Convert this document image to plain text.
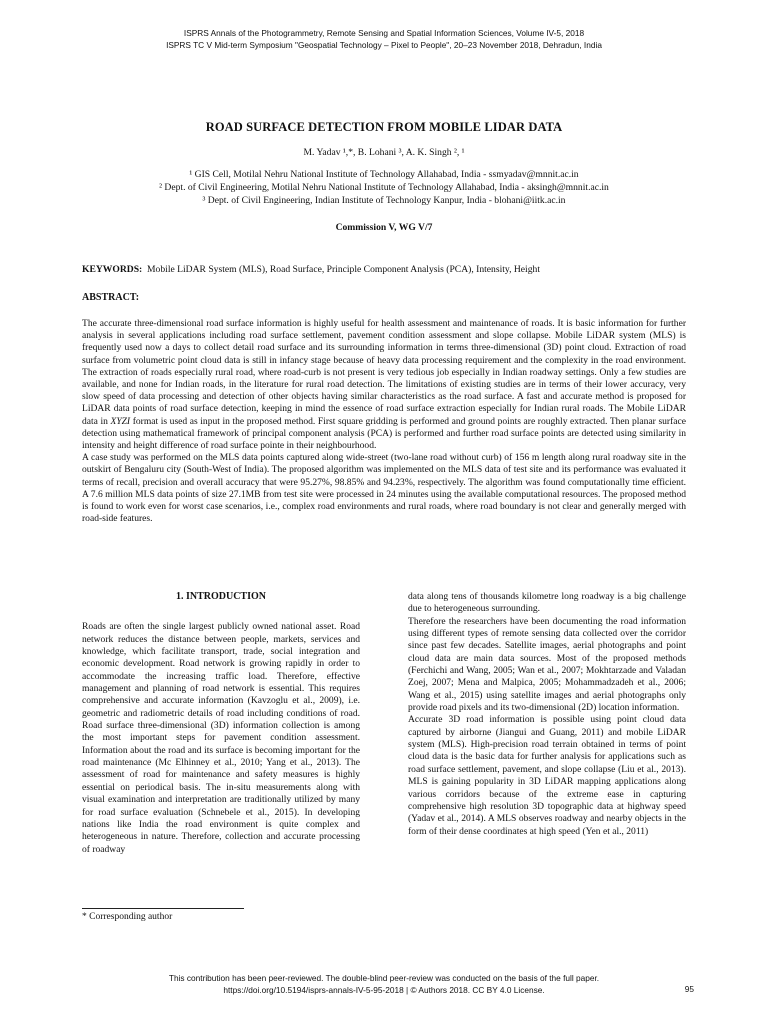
ISPRS Annals of the Photogrammetry, Remote Sensing and Spatial Information Sciences, Volume IV-5, 2018
ISPRS TC V Mid-term Symposium "Geospatial Technology – Pixel to People", 20–23 November 2018, Dehradun, India
ROAD SURFACE DETECTION FROM MOBILE LIDAR DATA
M. Yadav ¹,*, B. Lohani ³, A. K. Singh ², ¹
¹ GIS Cell, Motilal Nehru National Institute of Technology Allahabad, India - ssmyadav@mnnit.ac.in
² Dept. of Civil Engineering, Motilal Nehru National Institute of Technology Allahabad, India - aksingh@mnnit.ac.in
³ Dept. of Civil Engineering, Indian Institute of Technology Kanpur, India - blohani@iitk.ac.in
Commission V, WG V/7
KEYWORDS: Mobile LiDAR System (MLS), Road Surface, Principle Component Analysis (PCA), Intensity, Height
ABSTRACT:

The accurate three-dimensional road surface information is highly useful for health assessment and maintenance of roads. It is basic information for further analysis in several applications including road surface settlement, pavement condition assessment and slope collapse. Mobile LiDAR system (MLS) is frequently used now a days to collect detail road surface and its surrounding information in terms three-dimensional (3D) point cloud. Extraction of road surface from volumetric point cloud data is still in infancy stage because of heavy data processing requirement and the complexity in the road environment. The extraction of roads especially rural road, where road-curb is not present is very tedious job especially in Indian roadway settings. Only a few studies are available, and none for Indian roads, in the literature for rural road detection. The limitations of existing studies are in terms of their lower accuracy, very slow speed of data processing and detection of other objects having similar characteristics as the road surface. A fast and accurate method is proposed for LiDAR data points of road surface detection, keeping in mind the essence of road surface extraction especially for Indian rural roads. The Mobile LiDAR data in XYZI format is used as input in the proposed method. First square gridding is performed and ground points are roughly extracted. Then planar surface detection using mathematical framework of principal component analysis (PCA) is performed and further road surface points are detected using similarity in intensity and height difference of road surface pointe in their neighbourhood.

A case study was performed on the MLS data points captured along wide-street (two-lane road without curb) of 156 m length along rural roadway site in the outskirt of Bengaluru city (South-West of India). The proposed algorithm was implemented on the MLS data of test site and its performance was evaluated it terms of recall, precision and overall accuracy that were 95.27%, 98.85% and 94.23%, respectively. The algorithm was found computationally time efficient. A 7.6 million MLS data points of size 27.1MB from test site were processed in 24 minutes using the available computational resources. The proposed method is found to work even for worst case scenarios, i.e., complex road environments and rural roads, where road boundary is not clear and generally merged with road-side features.

1. INTRODUCTION

Roads are often the single largest publicly owned national asset. Road network reduces the distance between people, markets, services and knowledge, which facilitate transport, trade, social integration and economic development. Road network is growing rapidly in order to accommodate the increasing traffic load. Therefore, effective management and planning of road network is essential. This requires comprehensive and accurate information (Kavzoglu et al., 2009), i.e. geometric and radiometric details of road including conditions of road. Road surface three-dimensional (3D) information collection is among the most important steps for pavement condition assessment. Information about the road and its surface is becoming important for the road maintenance (Mc Elhinney et al., 2010; Yang et al., 2013). The assessment of road for maintenance and safety measures is highly essential on periodical basis. The in-situ measurements along with visual examination and interpretation are traditionally utilized by many for road surface evaluation (Schnebele et al., 2015). In developing nations like India the road environment is quite complex and heterogeneous in nature. Therefore, collection and accurate processing of roadway

data along tens of thousands kilometre long roadway is a big challenge due to heterogeneous surrounding.

Therefore the researchers have been documenting the road information using different types of remote sensing data collected over the corridor since past few decades. Satellite images, aerial photographs and point cloud data are main data sources. Most of the proposed methods (Ferchichi and Wang, 2005; Wan et al., 2007; Mokhtarzade and Valadan Zoej, 2007; Mena and Malpica, 2005; Mohammadzadeh et al., 2006; Wang et al., 2015) using satellite images and aerial photographs only provide road pixels and its two-dimensional (2D) location information.

Accurate 3D road information is possible using point cloud data captured by airborne (Jiangui and Guang, 2011) and mobile LiDAR system (MLS). High-precision road terrain obtained in terms of point cloud data is the basic data for further analysis for applications such as road surface settlement, pavement, and slope collapse (Liu et al., 2013). MLS is gaining popularity in 3D LiDAR mapping applications along various corridors because of the extreme ease in capturing comprehensive high resolution 3D topographic data at highway speed (Yadav et al., 2014). A MLS observes roadway and nearby objects in the form of their dense coordinates at high speed (Yen et al., 2011)

* Corresponding author
This contribution has been peer-reviewed. The double-blind peer-review was conducted on the basis of the full paper.
https://doi.org/10.5194/isprs-annals-IV-5-95-2018 | © Authors 2018. CC BY 4.0 License.	95
